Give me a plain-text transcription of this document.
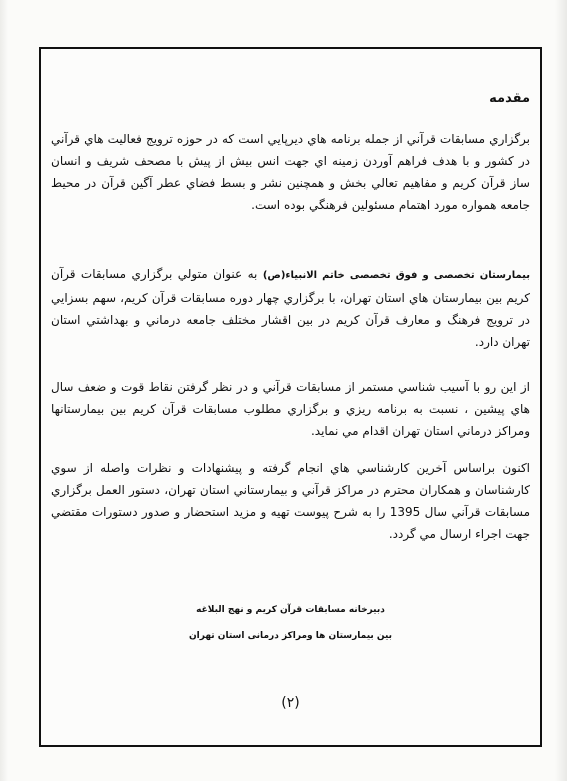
مقدمه

برگزاري مسابقات قرآني از جمله برنامه هاي ديرپايي است كه در حوزه ترويج فعاليت هاي قرآني در كشور و با هدف فراهم آوردن زمينه اي جهت انس بيش از پيش با مصحف شريف و انسان ساز قرآن كريم و مفاهيم تعالي بخش و همچنين نشر و بسط فضاي عطر آگين قرآن در محيط جامعه همواره مورد اهتمام مسئولين فرهنگي بوده است.

بیمارستان تخصصی و فوق تخصصی خاتم الانبیاء(ص) به عنوان متولي برگزاري مسابقات قرآن كريم بين بيمارستان هاي استان تهران، با برگزاري چهار دوره مسابقات قرآن كريم، سهم بسزايي در ترويج فرهنگ و معارف قرآن كريم در بين اقشار مختلف جامعه درماني و بهداشتي استان تهران دارد.

از اين رو با آسيب شناسي مستمر از مسابقات قرآني و در نظر گرفتن نقاط قوت و ضعف سال هاي پيشين ، نسبت به برنامه ريزي و برگزاري مطلوب مسابقات قرآن كريم بين بيمارستانها ومراكز درماني استان تهران اقدام مي نمايد.

اكنون براساس آخرين كارشناسي هاي انجام گرفته و پيشنهادات و نظرات واصله از سوي كارشناسان و همكاران محترم در مراكز قرآني و بيمارستاني استان تهران، دستور العمل برگزاري مسابقات قرآني سال 1395 را به شرح پيوست تهيه و مزيد استحضار و صدور دستورات مقتضي جهت اجراء ارسال مي گردد.

دبیرخانه مسابقات قرآن کریم و نهج البلاغه

بین بیمارستان ها ومراکز درمانی استان تهران

(۲)
